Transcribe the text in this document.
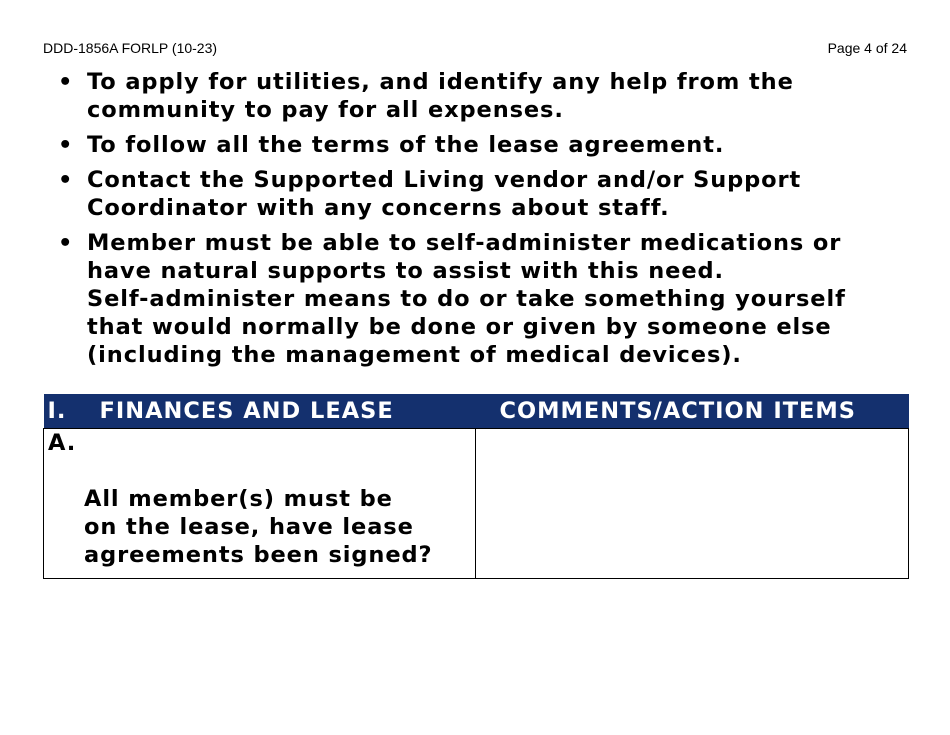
DDD-1856A FORLP (10-23)	Page 4 of 24
• To apply for utilities, and identify any help from the
community to pay for all expenses.
• To follow all the terms of the lease agreement.
• Contact the Supported Living vendor and/or Support
Coordinator with any concerns about staff.
• Member must be able to self-administer medications or
have natural supports to assist with this need.
Self-administer means to do or take something yourself
that would normally be done or given by someone else
(including the management of medical devices).
I. FINANCES AND LEASE	COMMENTS/ACTION ITEMS

A.

All member(s) must be
on the lease, have lease
agreements been signed?	
